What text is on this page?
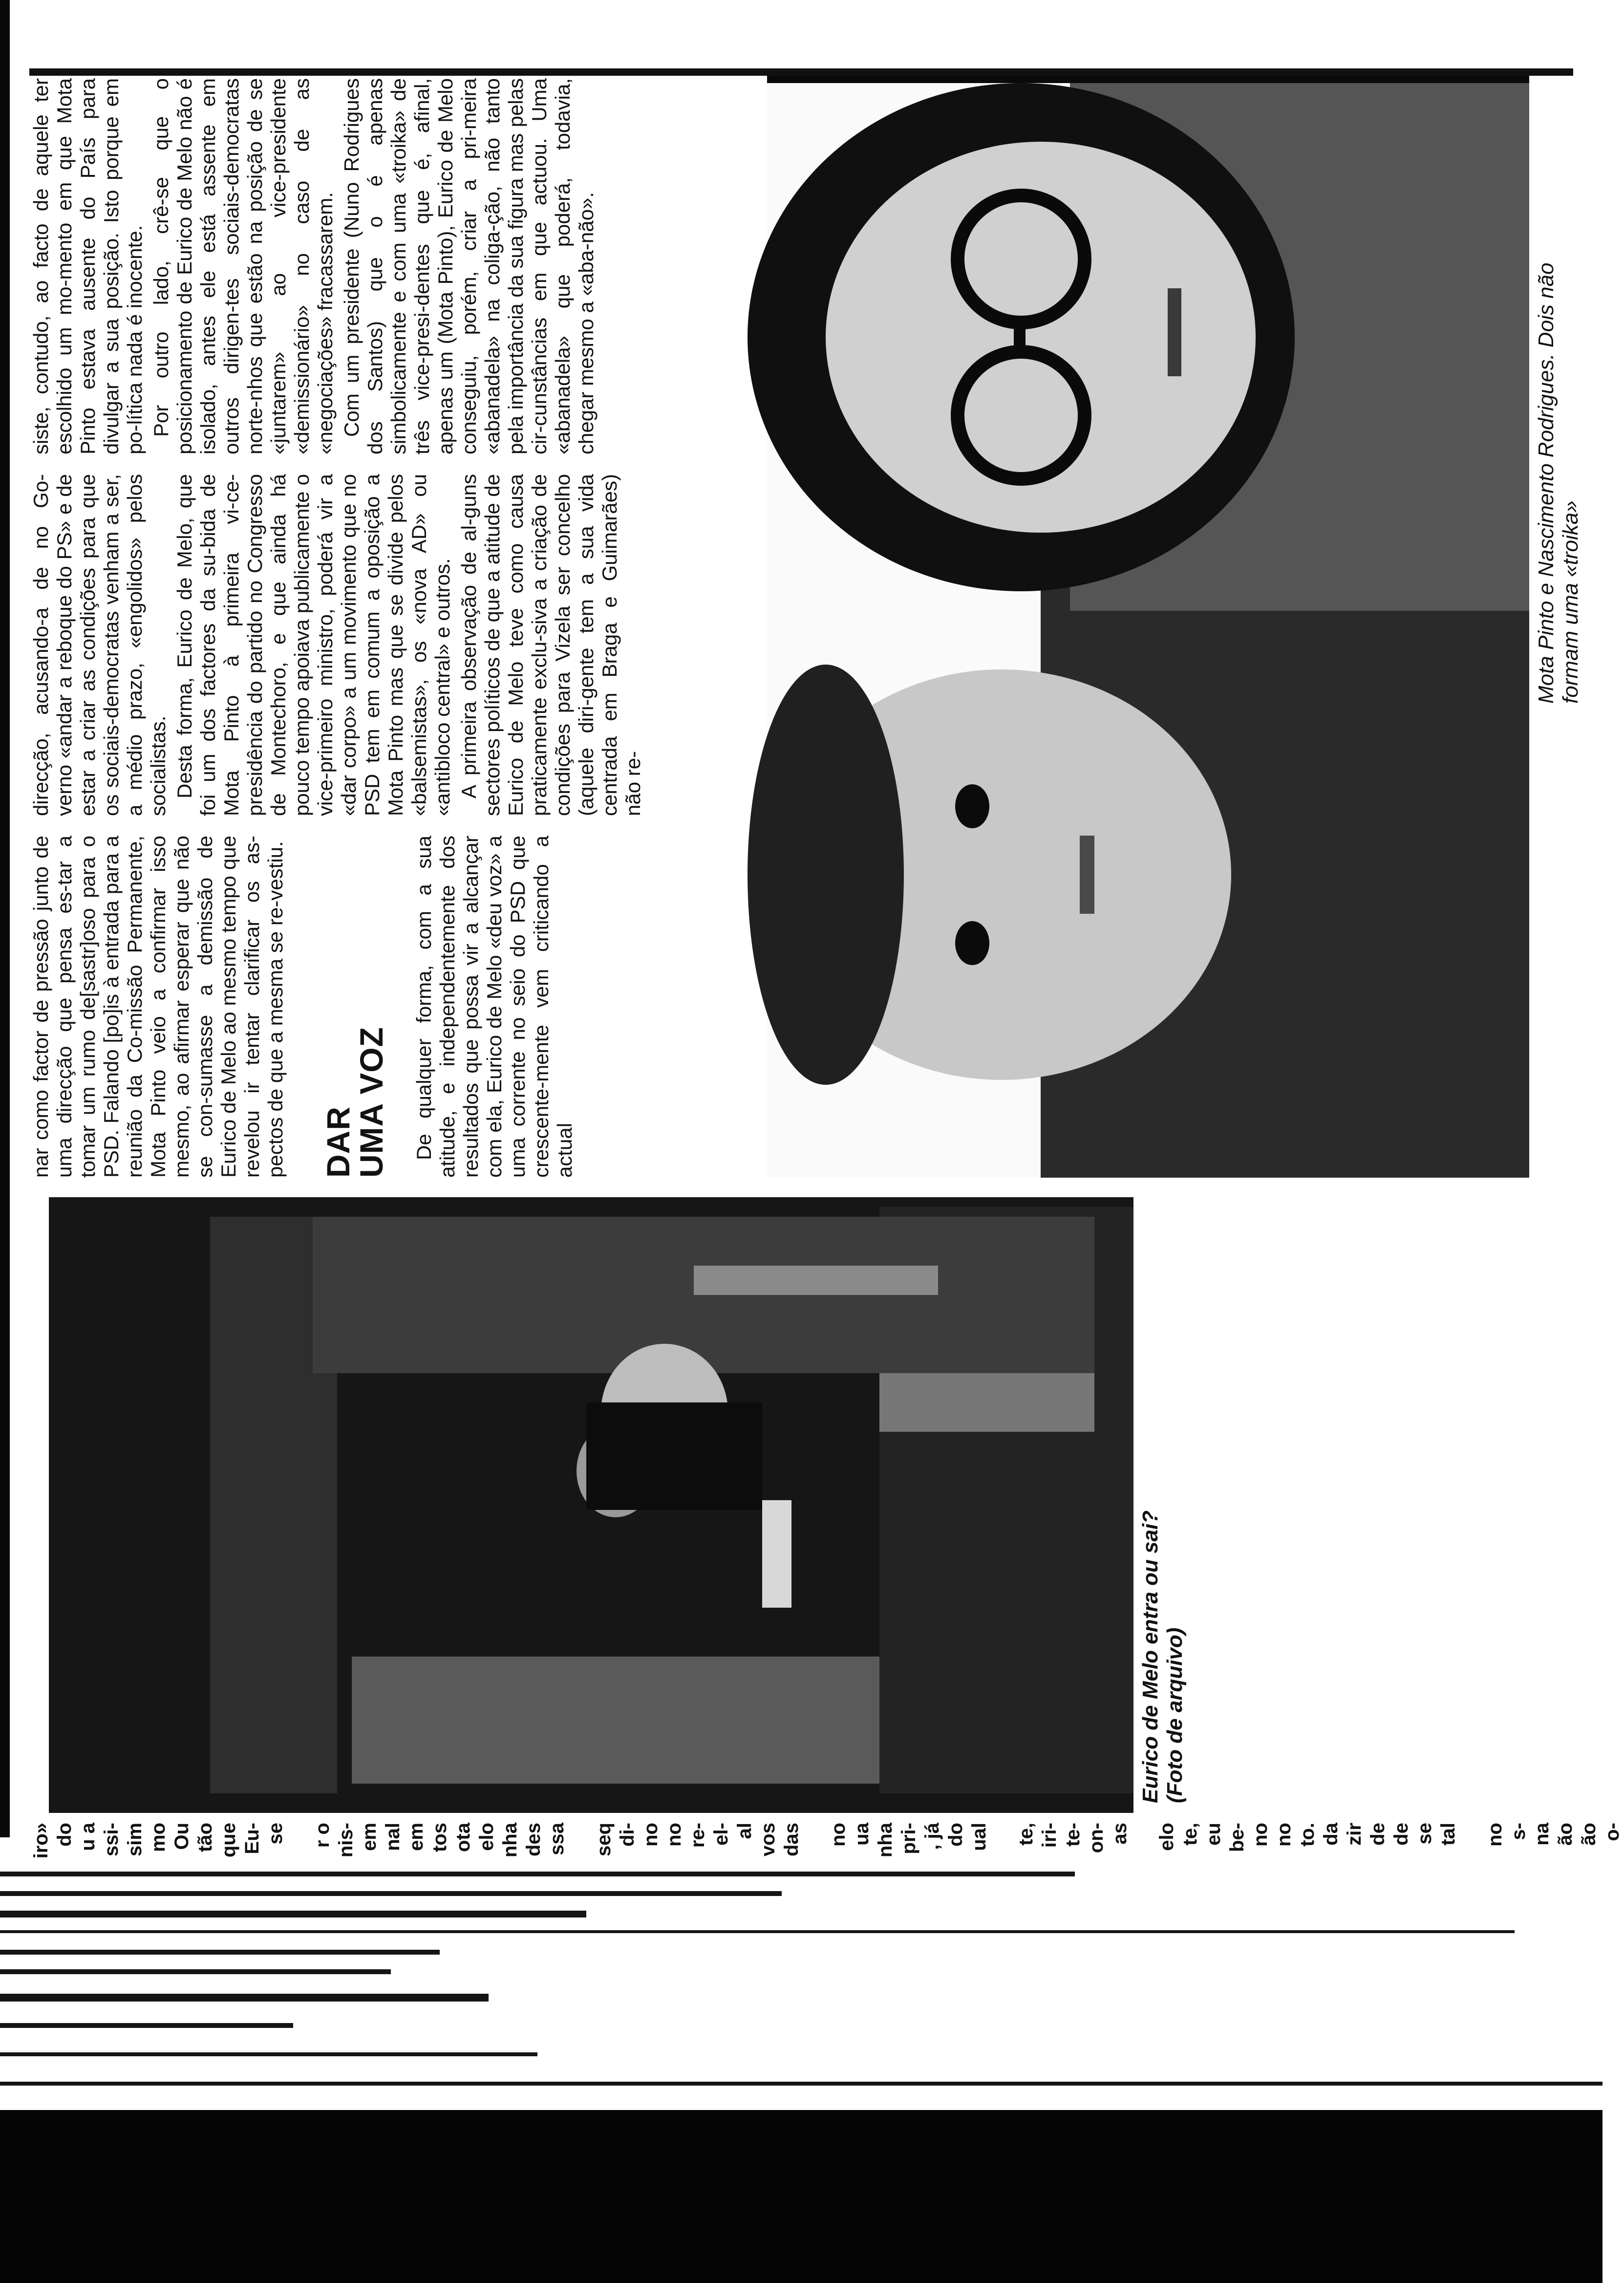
iro» do u a ssi- sim mo Ou tão que Eu- se r o nis- em nal em tos ota elo nha des ssa seq di- no no re- el- al vos das no ua nha pri- , já do ual te, iri- te- on- as elo te, eu be- no no to. da zir de de se tal no s- na ão ão o-
Eurico de Melo entra ou sai? (Foto de arquivo)

nar como factor de pressão junto de uma direcção que pensa es-tar a tomar um rumo de[sastr]oso para o PSD. Falando [po]is à entrada para a reunião da Co-missão Permanente, Mota Pinto veio a confirmar isso mesmo, ao afirmar esperar que não se con-sumasse a demissão de Eurico de Melo ao mesmo tempo que revelou ir tentar clarificar os as-pectos de que a mesma se re-vestiu. DAR
UMA VOZ De qualquer forma, com a sua atitude, e independentemente dos resultados que possa vir a alcançar com ela, Eurico de Melo «deu voz» a uma corrente no seio do PSD que crescente-mente vem criticando a actual

direcção, acusando-a de no Go-verno «andar a reboque do PS» e de estar a criar as condições para que os sociais-democratas venham a ser, a médio prazo, «engolidos» pelos socialistas. Desta forma, Eurico de Melo, que foi um dos factores da su-bida de Mota Pinto à primeira vi-ce-presidência do partido no Congresso de Montechoro, e que ainda há pouco tempo apoiava publicamente o vice-primeiro ministro, poderá vir a «dar corpo» a um movimento que no PSD tem em comum a oposição a Mota Pinto mas que se divide pelos «balsemistas», os «nova AD» ou «antibloco central» e outros. A primeira observação de al-guns sectores políticos de que a atitude de Eurico de Melo teve como causa praticamente exclu-siva a criação de condições para Vizela ser concelho (aquele diri-gente tem a sua vida centrada em Braga e Guimarães) não re-

siste, contudo, ao facto de aquele ter escolhido um mo-mento em que Mota Pinto estava ausente do País para divulgar a sua posição. Isto porque em po-lítica nada é inocente. Por outro lado, crê-se que o posicionamento de Eurico de Melo não é isolado, antes ele está assente em outros dirigen-tes sociais-democratas norte-nhos que estão na posição de se «juntarem» ao vice-presidente «demissionário» no caso de as «negociações» fracassarem. Com um presidente (Nuno Rodrigues dos Santos) que o é apenas simbolicamente e com uma «troika» de três vice-presi-dentes que é, afinal, apenas um (Mota Pinto), Eurico de Melo conseguiu, porém, criar a pri-meira «abanadela» na coliga-ção, não tanto pela importância da sua figura mas pelas cir-cunstâncias em que actuou. Uma «abanadela» que poderá, todavia, chegar mesmo a «aba-não».	Mota Pinto e Nascimento Rodrigues. Dois não formam uma «troika»
